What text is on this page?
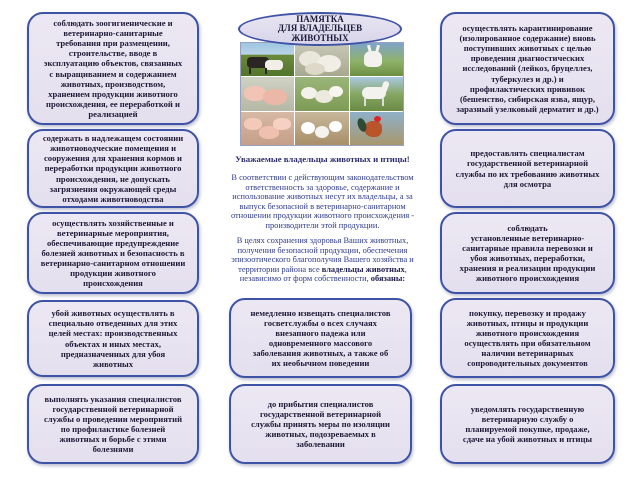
ПАМЯТКА
ДЛЯ ВЛАДЕЛЬЦЕВ
ЖИВОТНЫХ
Уважаемые владельцы животных и птицы!
В соответствии с действующим законодательством
ответственность за здоровье, содержание и
использование животных несут их владельцы, а за
выпуск безопасной в ветеринарно-санитарном
отношении продукции животного происхождения -
производители этой продукции.
В целях сохранения здоровья Ваших животных,
получения безопасной продукции, обеспечения
эпизоотического благополучия Вашего хозяйства и
территории района все владельцы животных,
независимо от форм собственности, обязаны:
соблюдать зоогигиенические и
ветеринарно-санитарные
требования при размещении,
строительстве, вводе в
эксплуатацию объектов, связанных
с выращиванием и содержанием
животных, производством,
хранением продукции животного
происхождения, ее переработкой и
реализацией
содержать в надлежащем состоянии
животноводческие помещения и
сооружения для хранения кормов и
переработки продукции животного
происхождения, не допускать
загрязнения окружающей среды
отходами животноводства
осуществлять хозяйственные и
ветеринарные мероприятия,
обеспечивающие предупреждение
болезней животных и безопасность в
ветеринарно-санитарном отношении
продукции животного
происхождения
убой животных осуществлять в
специально отведенных для этих
целей местах: производственных
объектах и иных местах,
предназначенных для убоя
животных
выполнять указания специалистов
государственной ветеринарной
службы о проведении мероприятий
по профилактике болезней
животных и борьбе с этими
болезнями
немедленно извещать специалистов
госветслужбы о всех случаях
внезапного падежа или
одновременного массового
заболевания животных, а также об
их необычном поведении
до прибытия специалистов
государственной ветеринарной
службы принять меры по изоляции
животных, подозреваемых в
заболевании
осуществлять карантинирование
(изолированное содержание) вновь
поступивших животных с целью
проведения диагностических
исследований (лейкоз, бруцеллез,
туберкулез и др.) и
профилактических прививок
(бешенство, сибирская язва, ящур,
заразный узелковый дерматит и др.)
предоставлять специалистам
государственной ветеринарной
службы по их требованию животных
для осмотра
соблюдать
установленные ветеринарно-
санитарные правила перевозки и
убоя животных, переработки,
хранения и реализации продукции
животного происхождения
покупку, перевозку и продажу
животных, птицы и продукции
животного происхождения
осуществлять при обязательном
наличии ветеринарных
сопроводительных документов
уведомлять государственную
ветеринарную службу о
планируемой покупке, продаже,
сдаче на убой животных и птицы
